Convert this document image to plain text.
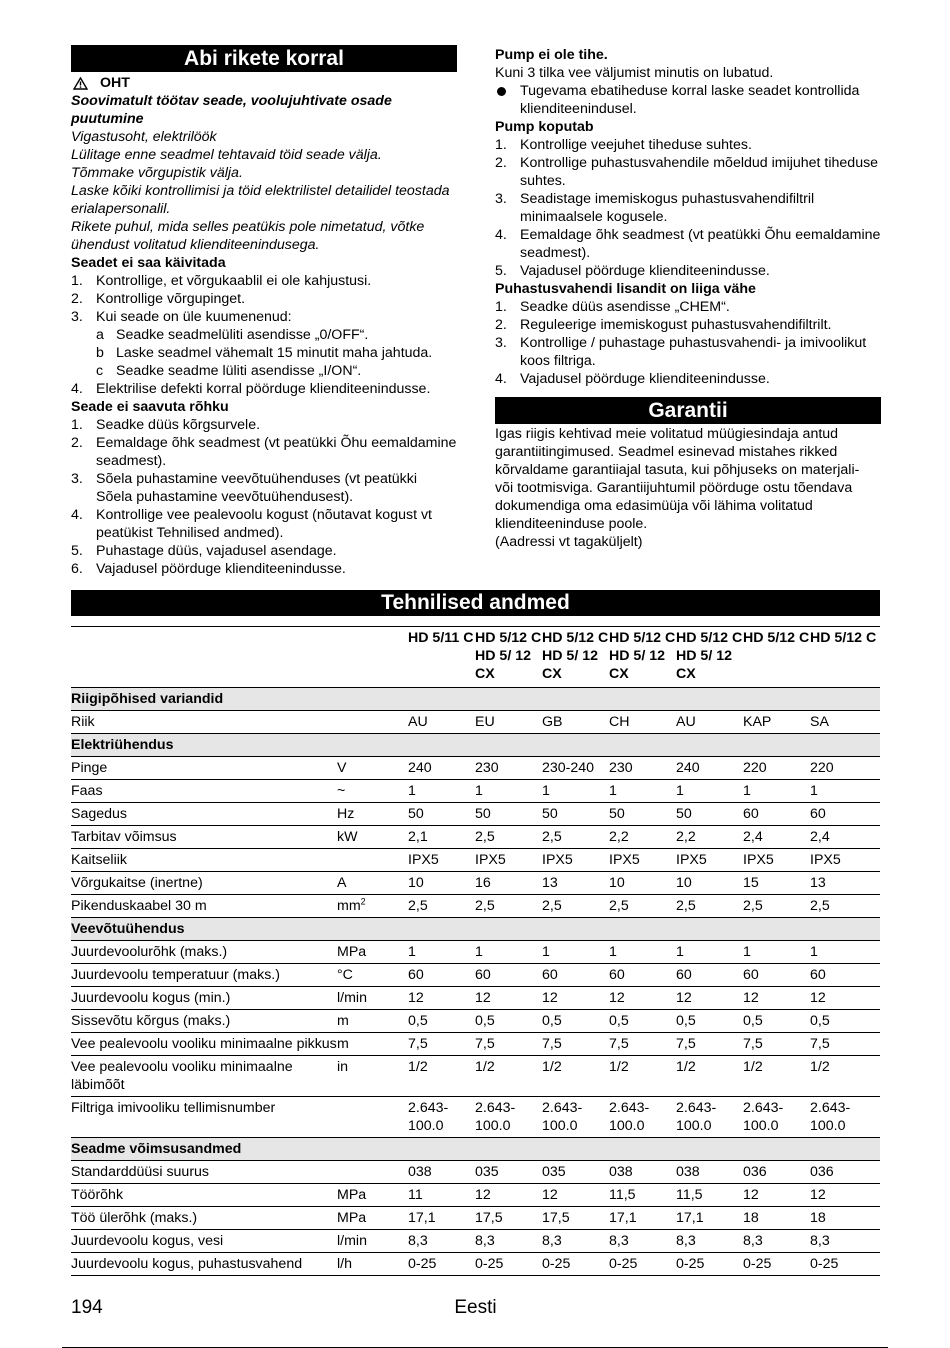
Abi rikete korral
OHT

Soovimatult töötav seade, voolujuhtivate osade puutumine

Vigastusoht, elektrilöök

Lülitage enne seadmel tehtavaid töid seade välja.

Tõmmake võrgupistik välja.

Laske kõiki kontrollimisi ja töid elektrilistel detailidel teostada erialapersonalil.

Rikete puhul, mida selles peatükis pole nimetatud, võtke ühendust volitatud klienditeenindusega.

Seadet ei saa käivitada

1. Kontrollige, et võrgukaablil ei ole kahjustusi.
2. Kontrollige võrgupinget.
3. Kui seade on üle kuumenenud:
a Seadke seadmelüliti asendisse „0/OFF“.
b Laske seadmel vähemalt 15 minutit maha jahtuda.
c Seadke seadme lüliti asendisse „I/ON“.
4. Elektrilise defekti korral pöörduge klienditeenindusse.

Seade ei saavuta rõhku

1. Seadke düüs kõrgsurvele.
2. Eemaldage õhk seadmest (vt peatükki Õhu eemaldamine seadmest).
3. Sõela puhastamine veevõtuühenduses (vt peatükki Sõela puhastamine veevõtuühendusest).
4. Kontrollige vee pealevoolu kogust (nõutavat kogust vt peatükist Tehnilised andmed).
5. Puhastage düüs, vajadusel asendage.
6. Vajadusel pöörduge klienditeenindusse.

Pump ei ole tihe.

Kuni 3 tilka vee väljumist minutis on lubatud.

Tugevama ebatiheduse korral laske seadet kontrollida klienditeenindusel.

Pump koputab

1. Kontrollige veejuhet tiheduse suhtes.
2. Kontrollige puhastusvahendile mõeldud imijuhet tiheduse suhtes.
3. Seadistage imemiskogus puhastusvahendifiltril minimaalsele kogusele.
4. Eemaldage õhk seadmest (vt peatükki Õhu eemaldamine seadmest).
5. Vajadusel pöörduge klienditeenindusse.

Puhastusvahendi lisandit on liiga vähe

1. Seadke düüs asendisse „CHEM“.
2. Reguleerige imemiskogust puhastusvahendifiltrilt.
3. Kontrollige / puhastage puhastusvahendi- ja imivoolikut koos filtriga.
4. Vajadusel pöörduge klienditeenindusse.
Garantii

Igas riigis kehtivad meie volitatud müügiesindaja antud garantiitingimused. Seadmel esinevad mistahes rikked kõrvaldame garantiiajal tasuta, kui põhjuseks on materjali- või tootmisviga. Garantiijuhtumil pöörduge ostu tõendava dokumendiga oma edasimüüja või lähima volitatud klienditeeninduse poole.

(Aadressi vt tagaküljelt)

Tehnilised andmed
		HD 5/11 C	HD 5/12 C HD 5/ 12 CX	HD 5/12 C HD 5/ 12 CX	HD 5/12 C HD 5/ 12 CX	HD 5/12 C HD 5/ 12 CX	HD 5/12 C	HD 5/12 C
Riigipõhised variandid								
Riik		AU	EU	GB	CH	AU	KAP	SA
Elektriühendus								
Pinge	V	240	230	230-240	230	240	220	220
Faas	~	1	1	1	1	1	1	1
Sagedus	Hz	50	50	50	50	50	60	60
Tarbitav võimsus	kW	2,1	2,5	2,5	2,2	2,2	2,4	2,4
Kaitseliik		IPX5	IPX5	IPX5	IPX5	IPX5	IPX5	IPX5
Võrgukaitse (inertne)	A	10	16	13	10	10	15	13
Pikenduskaabel 30 m	$mm^2$	2,5	2,5	2,5	2,5	2,5	2,5	2,5
Veevõtuühendus								
Juurdevoolurõhk (maks.)	MPa	1	1	1	1	1	1	1
Juurdevoolu temperatuur (maks.)	°C	60	60	60	60	60	60	60
Juurdevoolu kogus (min.)	l/min	12	12	12	12	12	12	12
Sissevõtu kõrgus (maks.)	m	0,5	0,5	0,5	0,5	0,5	0,5	0,5
Vee pealevoolu vooliku minimaalne pikkus	m	7,5	7,5	7,5	7,5	7,5	7,5	7,5
Vee pealevoolu vooliku minimaalne läbimõõt	in	1/2	1/2	1/2	1/2	1/2	1/2	1/2
Filtriga imivooliku tellimisnumber		2.643-100.0	2.643-100.0	2.643-100.0	2.643-100.0	2.643-100.0	2.643-100.0	2.643-100.0
Seadme võimsusandmed								
Standarddüüsi suurus		038	035	035	038	038	036	036
Töörõhk	MPa	11	12	12	11,5	11,5	12	12
Töö ülerõhk (maks.)	MPa	17,1	17,5	17,5	17,1	17,1	18	18
Juurdevoolu kogus, vesi	l/min	8,3	8,3	8,3	8,3	8,3	8,3	8,3
Juurdevoolu kogus, puhastusvahend	l/h	0-25	0-25	0-25	0-25	0-25	0-25	0-25
194	Eesti
